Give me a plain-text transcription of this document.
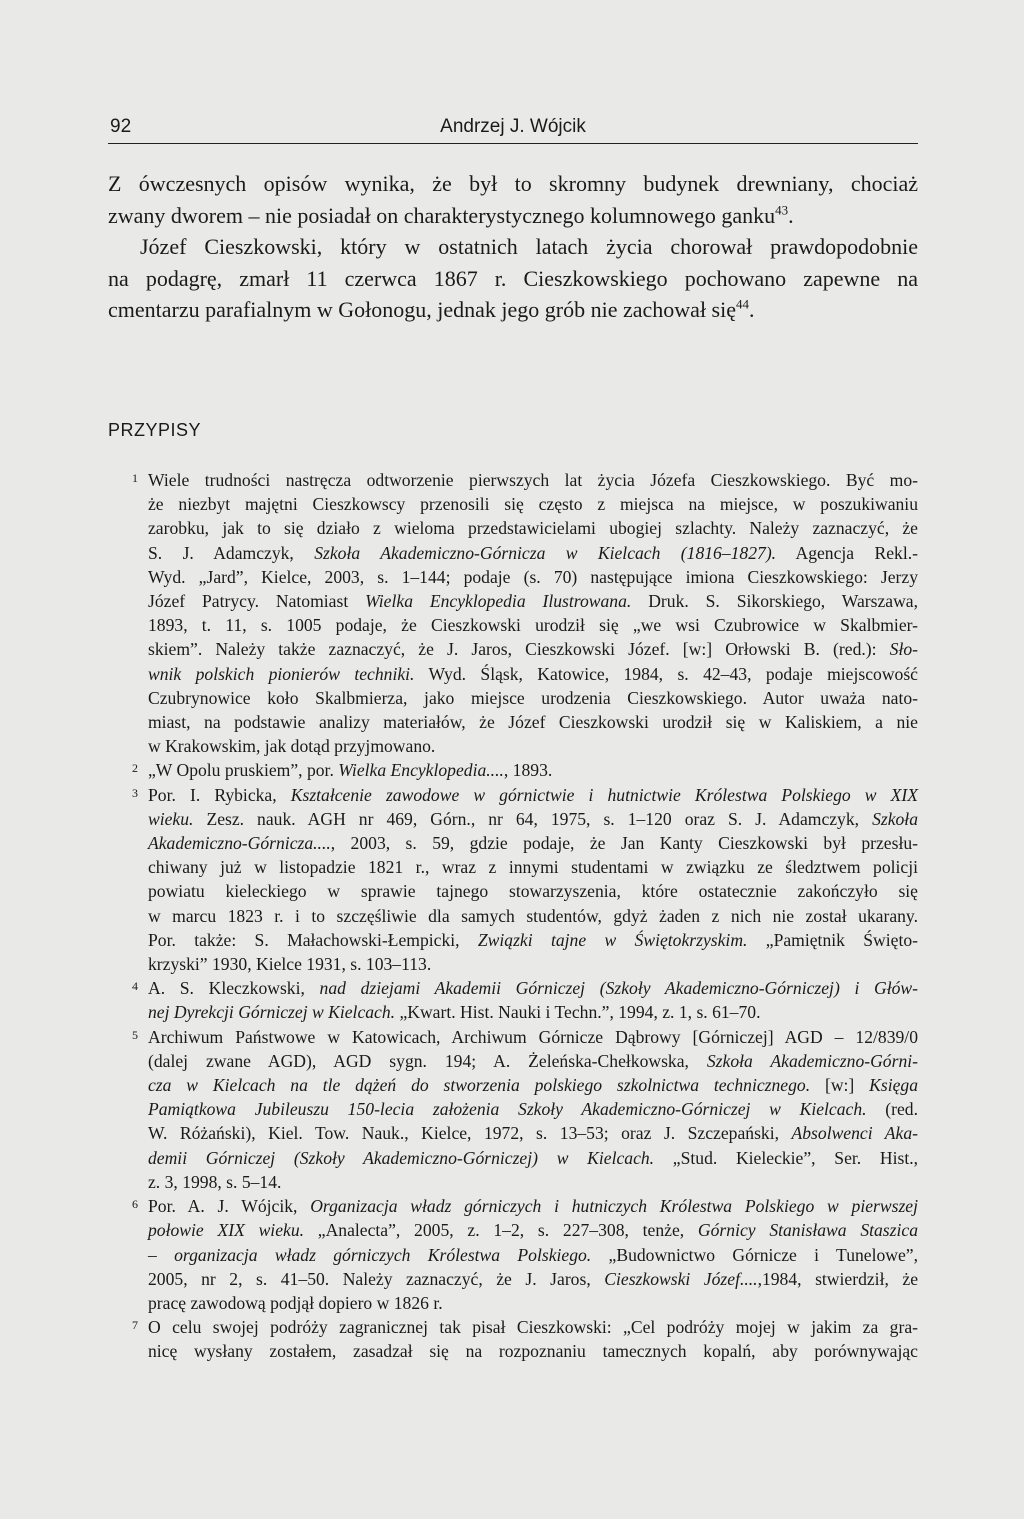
92	Andrzej J. Wójcik

Z ówczesnych opisów wynika, że był to skromny budynek drewniany, chociaż
zwany dworem – nie posiadał on charakterystycznego kolumnowego ganku$^{43}$.

Józef Cieszkowski, który w ostatnich latach życia chorował prawdopodobnie

na podagrę, zmarł 11 czerwca 1867 r. Cieszkowskiego pochowano zapewne na
cmentarzu parafialnym w Gołonogu, jednak jego grób nie zachował się$^{44}$.

PRZYPISY
1 Wiele trudności nastręcza odtworzenie pierwszych lat życia Józefa Cieszkowskiego. Być mo-
że niezbyt majętni Cieszkowscy przenosili się często z miejsca na miejsce, w poszukiwaniu
zarobku, jak to się działo z wieloma przedstawicielami ubogiej szlachty. Należy zaznaczyć, że
S. J. Adamczyk, Szkoła Akademiczno-Górnicza w Kielcach (1816–1827). Agencja Rekl.-
Wyd. „Jard”, Kielce, 2003, s. 1–144; podaje (s. 70) następujące imiona Cieszkowskiego: Jerzy
Józef Patrycy. Natomiast Wielka Encyklopedia Ilustrowana. Druk. S. Sikorskiego, Warszawa,
1893, t. 11, s. 1005 podaje, że Cieszkowski urodził się „we wsi Czubrowice w Skalbmier-
skiem”. Należy także zaznaczyć, że J. Jaros, Cieszkowski Józef. [w:] Orłowski B. (red.): Sło-
wnik polskich pionierów techniki. Wyd. Śląsk, Katowice, 1984, s. 42–43, podaje miejscowość
Czubrynowice koło Skalbmierza, jako miejsce urodzenia Cieszkowskiego. Autor uważa nato-
miast, na podstawie analizy materiałów, że Józef Cieszkowski urodził się w Kaliskiem, a nie
w Krakowskim, jak dotąd przyjmowano.
2 „W Opolu pruskiem”, por. Wielka Encyklopedia...., 1893.
3 Por. I. Rybicka, Kształcenie zawodowe w górnictwie i hutnictwie Królestwa Polskiego w XIX
wieku. Zesz. nauk. AGH nr 469, Górn., nr 64, 1975, s. 1–120 oraz S. J. Adamczyk, Szkoła
Akademiczno-Górnicza...., 2003, s. 59, gdzie podaje, że Jan Kanty Cieszkowski był przesłu-
chiwany już w listopadzie 1821 r., wraz z innymi studentami w związku ze śledztwem policji
powiatu kieleckiego w sprawie tajnego stowarzyszenia, które ostatecznie zakończyło się
w marcu 1823 r. i to szczęśliwie dla samych studentów, gdyż żaden z nich nie został ukarany.
Por. także: S. Małachowski-Łempicki, Związki tajne w Świętokrzyskim. „Pamiętnik Święto-
krzyski” 1930, Kielce 1931, s. 103–113.
4 A. S. Kleczkowski, nad dziejami Akademii Górniczej (Szkoły Akademiczno-Górniczej) i Głów-
nej Dyrekcji Górniczej w Kielcach. „Kwart. Hist. Nauki i Techn.”, 1994, z. 1, s. 61–70.
5 Archiwum Państwowe w Katowicach, Archiwum Górnicze Dąbrowy [Górniczej] AGD – 12/839/0
(dalej zwane AGD), AGD sygn. 194; A. Żeleńska-Chełkowska, Szkoła Akademiczno-Górni-
cza w Kielcach na tle dążeń do stworzenia polskiego szkolnictwa technicznego. [w:] Księga
Pamiątkowa Jubileuszu 150-lecia założenia Szkoły Akademiczno-Górniczej w Kielcach. (red.
W. Różański), Kiel. Tow. Nauk., Kielce, 1972, s. 13–53; oraz J. Szczepański, Absolwenci Aka-
demii Górniczej (Szkoły Akademiczno-Górniczej) w Kielcach. „Stud. Kieleckie”, Ser. Hist.,
z. 3, 1998, s. 5–14.
6 Por. A. J. Wójcik, Organizacja władz górniczych i hutniczych Królestwa Polskiego w pierwszej
połowie XIX wieku. „Analecta”, 2005, z. 1–2, s. 227–308, tenże, Górnicy Stanisława Staszica
– organizacja władz górniczych Królestwa Polskiego. „Budownictwo Górnicze i Tunelowe”,
2005, nr 2, s. 41–50. Należy zaznaczyć, że J. Jaros, Cieszkowski Józef....,1984, stwierdził, że
pracę zawodową podjął dopiero w 1826 r.
7 O celu swojej podróży zagranicznej tak pisał Cieszkowski: „Cel podróży mojej w jakim za gra-
nicę wysłany zostałem, zasadzał się na rozpoznaniu tamecznych kopalń, aby porównywając
